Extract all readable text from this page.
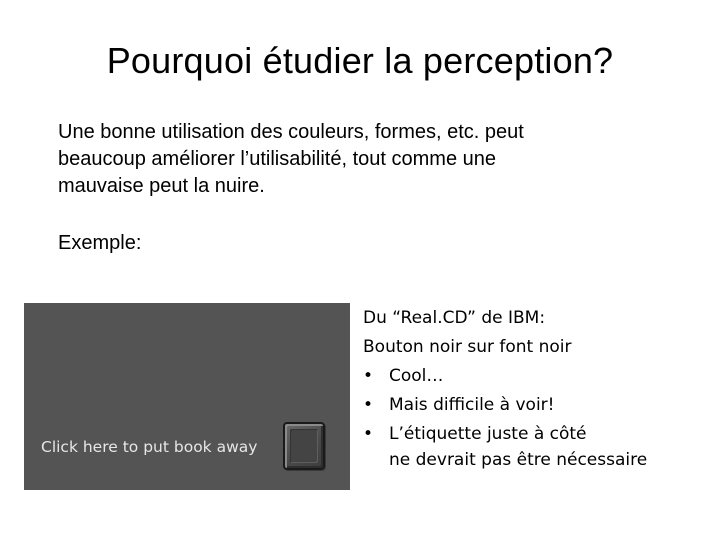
Pourquoi étudier la perception?
Une bonne utilisation des couleurs, formes, etc. peut
beaucoup améliorer l’utilisabilité, tout comme une
mauvaise peut la nuire.
Exemple:
Click here to put book away
Du “Real.CD” de IBM:
Bouton noir sur font noir
• Cool…
• Mais difficile à voir!
• L’étiquette juste à côté
ne devrait pas être nécessaire
